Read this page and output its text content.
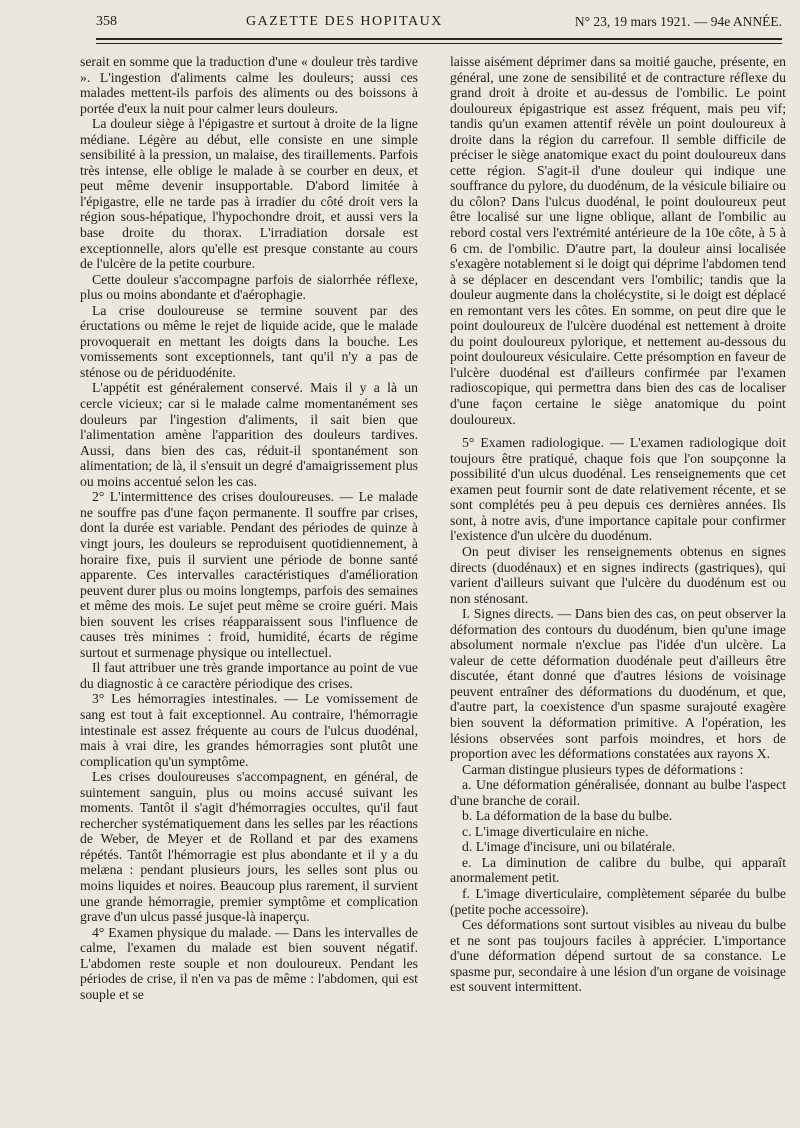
358	GAZETTE DES HOPITAUX	N° 23, 19 mars 1921. — 94e ANNÉE.

serait en somme que la traduction d'une « douleur très tardive ». L'ingestion d'aliments calme les douleurs; aussi ces malades mettent-ils parfois des aliments ou des boissons à portée d'eux la nuit pour calmer leurs douleurs.

La douleur siège à l'épigastre et surtout à droite de la ligne médiane. Légère au début, elle consiste en une simple sensibilité à la pression, un malaise, des tiraillements. Parfois très intense, elle oblige le malade à se courber en deux, et peut même devenir insupportable. D'abord limitée à l'épigastre, elle ne tarde pas à irradier du côté droit vers la région sous-hépatique, l'hypochondre droit, et aussi vers la base droite du thorax. L'irradiation dorsale est exceptionnelle, alors qu'elle est presque constante au cours de l'ulcère de la petite courbure.

Cette douleur s'accompagne parfois de sialorrhée réflexe, plus ou moins abondante et d'aérophagie.

La crise douloureuse se termine souvent par des éructations ou même le rejet de liquide acide, que le malade provoquerait en mettant les doigts dans la bouche. Les vomissements sont exceptionnels, tant qu'il n'y a pas de sténose ou de périduodénite.

L'appétit est généralement conservé. Mais il y a là un cercle vicieux; car si le malade calme momentanément ses douleurs par l'ingestion d'aliments, il sait bien que l'alimentation amène l'apparition des douleurs tardives. Aussi, dans bien des cas, réduit-il spontanément son alimentation; de là, il s'ensuit un degré d'amaigrissement plus ou moins accentué selon les cas.

2° L'intermittence des crises douloureuses. — Le malade ne souffre pas d'une façon permanente. Il souffre par crises, dont la durée est variable. Pendant des périodes de quinze à vingt jours, les douleurs se reproduisent quotidiennement, à horaire fixe, puis il survient une période de bonne santé apparente. Ces intervalles caractéristiques d'amélioration peuvent durer plus ou moins longtemps, parfois des semaines et même des mois. Le sujet peut même se croire guéri. Mais bien souvent les crises réapparaissent sous l'influence de causes très minimes : froid, humidité, écarts de régime surtout et surmenage physique ou intellectuel.

Il faut attribuer une très grande importance au point de vue du diagnostic à ce caractère périodique des crises.

3° Les hémorragies intestinales. — Le vomissement de sang est tout à fait exceptionnel. Au contraire, l'hémorragie intestinale est assez fréquente au cours de l'ulcus duodénal, mais à vrai dire, les grandes hémorragies sont plutôt une complication qu'un symptôme.

Les crises douloureuses s'accompagnent, en général, de suintement sanguin, plus ou moins accusé suivant les moments. Tantôt il s'agit d'hémorragies occultes, qu'il faut rechercher systématiquement dans les selles par les réactions de Weber, de Meyer et de Rolland et par des examens répétés. Tantôt l'hémorragie est plus abondante et il y a du melæna : pendant plusieurs jours, les selles sont plus ou moins liquides et noires. Beaucoup plus rarement, il survient une grande hémorragie, premier symptôme et complication grave d'un ulcus passé jusque-là inaperçu.

4° Examen physique du malade. — Dans les intervalles de calme, l'examen du malade est bien souvent négatif. L'abdomen reste souple et non douloureux. Pendant les périodes de crise, il n'en va pas de même : l'abdomen, qui est souple et se

laisse aisément déprimer dans sa moitié gauche, présente, en général, une zone de sensibilité et de contracture réflexe du grand droit à droite et au-dessus de l'ombilic. Le point douloureux épigastrique est assez fréquent, mais peu vif; tandis qu'un examen attentif révèle un point douloureux à droite dans la région du carrefour. Il semble difficile de préciser le siège anatomique exact du point douloureux dans cette région. S'agit-il d'une douleur qui indique une souffrance du pylore, du duodénum, de la vésicule biliaire ou du côlon? Dans l'ulcus duodénal, le point douloureux peut être localisé sur une ligne oblique, allant de l'ombilic au rebord costal vers l'extrémité antérieure de la 10e côte, à 5 à 6 cm. de l'ombilic. D'autre part, la douleur ainsi localisée s'exagère notablement si le doigt qui déprime l'abdomen tend à se déplacer en descendant vers l'ombilic; tandis que la douleur augmente dans la cholécystite, si le doigt est déplacé en remontant vers les côtes. En somme, on peut dire que le point douloureux de l'ulcère duodénal est nettement à droite du point douloureux pylorique, et nettement au-dessous du point douloureux vésiculaire. Cette présomption en faveur de l'ulcère duodénal est d'ailleurs confirmée par l'examen radioscopique, qui permettra dans bien des cas de localiser d'une façon certaine le siège anatomique du point douloureux.

5° Examen radiologique. — L'examen radiologique doit toujours être pratiqué, chaque fois que l'on soupçonne la possibilité d'un ulcus duodénal. Les renseignements que cet examen peut fournir sont de date relativement récente, et se sont complétés peu à peu depuis ces dernières années. Ils sont, à notre avis, d'une importance capitale pour confirmer l'existence d'un ulcère du duodénum.

On peut diviser les renseignements obtenus en signes directs (duodénaux) et en signes indirects (gastriques), qui varient d'ailleurs suivant que l'ulcère du duodénum est ou non sténosant.

I. Signes directs. — Dans bien des cas, on peut observer la déformation des contours du duodénum, bien qu'une image absolument normale n'exclue pas l'idée d'un ulcère. La valeur de cette déformation duodénale peut d'ailleurs être discutée, étant donné que d'autres lésions de voisinage peuvent entraîner des déformations du duodénum, et que, d'autre part, la coexistence d'un spasme surajouté exagère bien souvent la déformation primitive. A l'opération, les lésions observées sont parfois moindres, et hors de proportion avec les déformations constatées aux rayons X.

Carman distingue plusieurs types de déformations :

a. Une déformation généralisée, donnant au bulbe l'aspect d'une branche de corail.

b. La déformation de la base du bulbe.

c. L'image diverticulaire en niche.

d. L'image d'incisure, uni ou bilatérale.

e. La diminution de calibre du bulbe, qui apparaît anormalement petit.

f. L'image diverticulaire, complètement séparée du bulbe (petite poche accessoire).

Ces déformations sont surtout visibles au niveau du bulbe et ne sont pas toujours faciles à apprécier. L'importance d'une déformation dépend surtout de sa constance. Le spasme pur, secondaire à une lésion d'un organe de voisinage est souvent intermittent.
